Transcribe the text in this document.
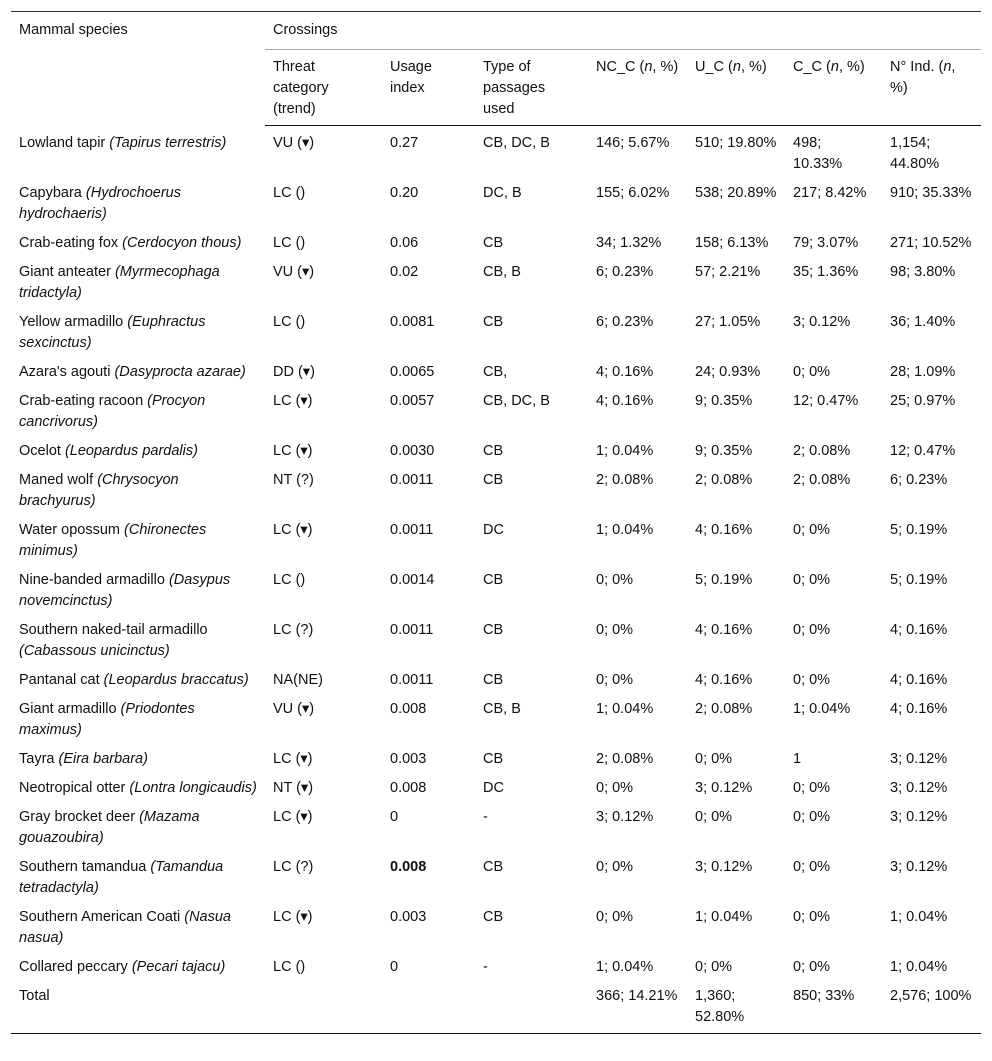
Mammal species	Crossings						
	Threat category (trend)	Usage index	Type of passages used	NC_C (n, %)	U_C (n, %)	C_C (n, %)	N° Ind. (n, %)
Lowland tapir (Tapirus terrestris)	VU (▾)	0.27	CB, DC, B	146; 5.67%	510; 19.80%	498; 10.33%	1,154; 44.80%
Capybara (Hydrochoerus hydrochaeris)	LC ()	0.20	DC, B	155; 6.02%	538; 20.89%	217; 8.42%	910; 35.33%
Crab-eating fox (Cerdocyon thous)	LC ()	0.06	CB	34; 1.32%	158; 6.13%	79; 3.07%	271; 10.52%
Giant anteater (Myrmecophaga tridactyla)	VU (▾)	0.02	CB, B	6; 0.23%	57; 2.21%	35; 1.36%	98; 3.80%
Yellow armadillo (Euphractus sexcinctus)	LC ()	0.0081	CB	6; 0.23%	27; 1.05%	3; 0.12%	36; 1.40%
Azara's agouti (Dasyprocta azarae)	DD (▾)	0.0065	CB,	4; 0.16%	24; 0.93%	0; 0%	28; 1.09%
Crab-eating racoon (Procyon cancrivorus)	LC (▾)	0.0057	CB, DC, B	4; 0.16%	9; 0.35%	12; 0.47%	25; 0.97%
Ocelot (Leopardus pardalis)	LC (▾)	0.0030	CB	1; 0.04%	9; 0.35%	2; 0.08%	12; 0.47%
Maned wolf (Chrysocyon brachyurus)	NT (?)	0.0011	CB	2; 0.08%	2; 0.08%	2; 0.08%	6; 0.23%
Water opossum (Chironectes minimus)	LC (▾)	0.0011	DC	1; 0.04%	4; 0.16%	0; 0%	5; 0.19%
Nine-banded armadillo (Dasypus novemcinctus)	LC ()	0.0014	CB	0; 0%	5; 0.19%	0; 0%	5; 0.19%
Southern naked-tail armadillo (Cabassous unicinctus)	LC (?)	0.0011	CB	0; 0%	4; 0.16%	0; 0%	4; 0.16%
Pantanal cat (Leopardus braccatus)	NA(NE)	0.0011	CB	0; 0%	4; 0.16%	0; 0%	4; 0.16%
Giant armadillo (Priodontes maximus)	VU (▾)	0.008	CB, B	1; 0.04%	2; 0.08%	1; 0.04%	4; 0.16%
Tayra (Eira barbara)	LC (▾)	0.003	CB	2; 0.08%	0; 0%	1	3; 0.12%
Neotropical otter (Lontra longicaudis)	NT (▾)	0.008	DC	0; 0%	3; 0.12%	0; 0%	3; 0.12%
Gray brocket deer (Mazama gouazoubira)	LC (▾)	0	-	3; 0.12%	0; 0%	0; 0%	3; 0.12%
Southern tamandua (Tamandua tetradactyla)	LC (?)	0.008	CB	0; 0%	3; 0.12%	0; 0%	3; 0.12%
Southern American Coati (Nasua nasua)	LC (▾)	0.003	CB	0; 0%	1; 0.04%	0; 0%	1; 0.04%
Collared peccary (Pecari tajacu)	LC ()	0	-	1; 0.04%	0; 0%	0; 0%	1; 0.04%
Total				366; 14.21%	1,360; 52.80%	850; 33%	2,576; 100%
